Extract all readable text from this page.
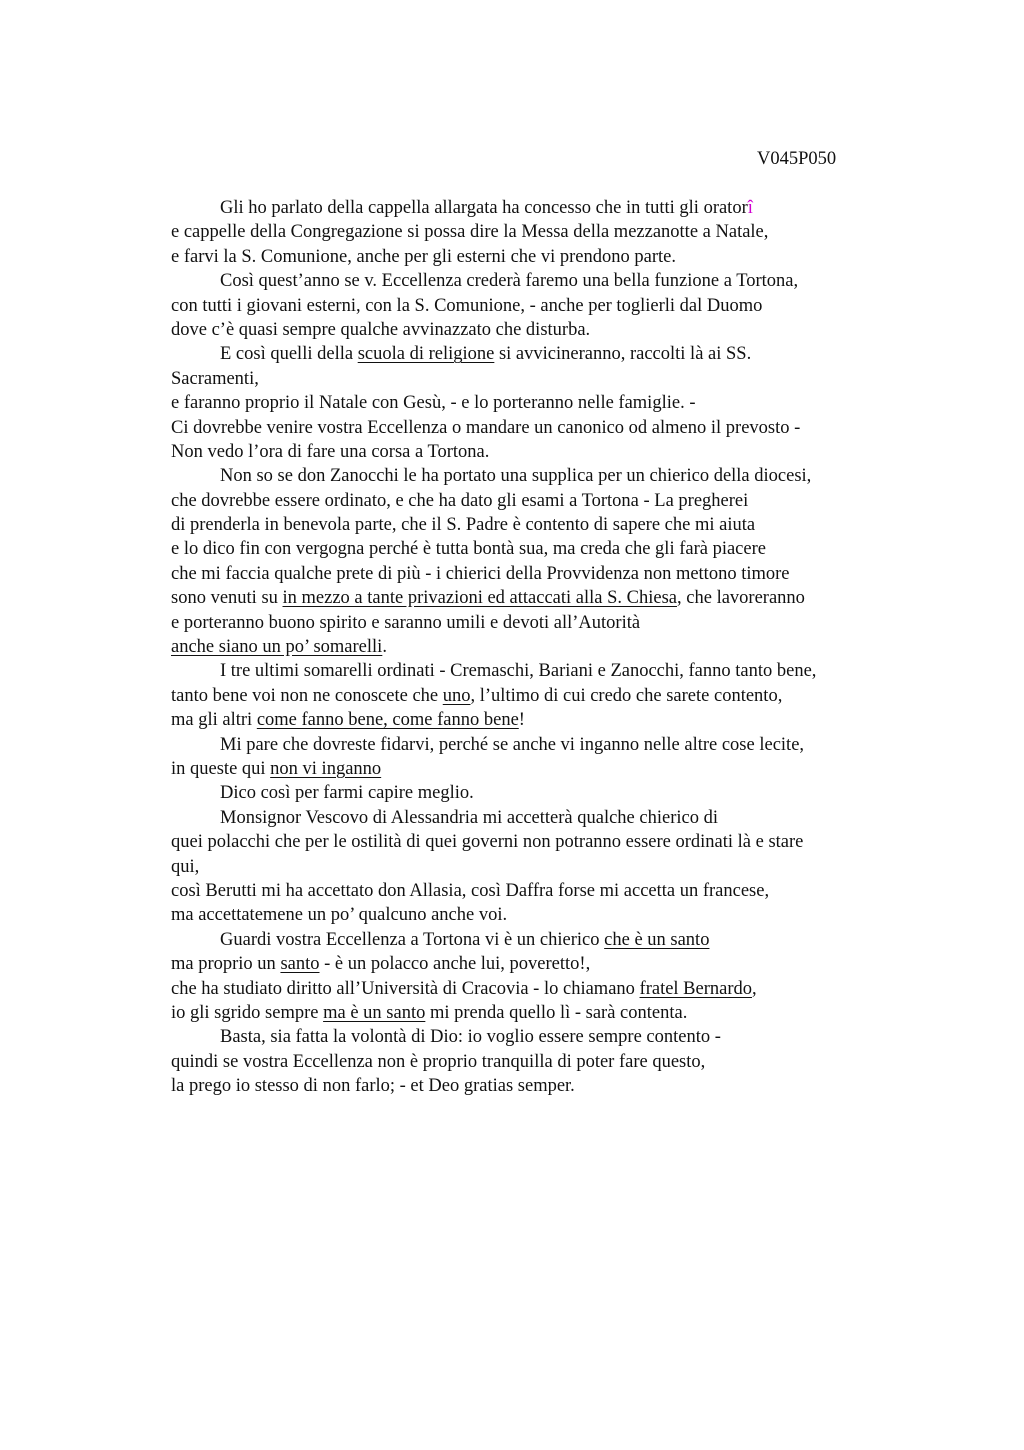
V045P050
Gli ho parlato della cappella allargata ha concesso che in tutti gli oratorî
e cappelle della Congregazione si possa dire la Messa della mezzanotte a Natale,
e farvi la S. Comunione, anche per gli esterni che vi prendono parte.
Così quest’anno se v. Eccellenza crederà faremo una bella funzione a Tortona,
con tutti i giovani esterni, con la S. Comunione, - anche per toglierli dal Duomo
dove c’è quasi sempre qualche avvinazzato che disturba.
E così quelli della scuola di religione si avvicineranno, raccolti là ai SS.
Sacramenti,
e faranno proprio il Natale con Gesù, - e lo porteranno nelle famiglie. -
Ci dovrebbe venire vostra Eccellenza o mandare un canonico od almeno il prevosto -
Non vedo l’ora di fare una corsa a Tortona.
Non so se don Zanocchi le ha portato una supplica per un chierico della diocesi,
che dovrebbe essere ordinato, e che ha dato gli esami a Tortona - La pregherei
di prenderla in benevola parte, che il S. Padre è contento di sapere che mi aiuta
e lo dico fin con vergogna perché è tutta bontà sua, ma creda che gli farà piacere
che mi faccia qualche prete di più - i chierici della Provvidenza non mettono timore
sono venuti su in mezzo a tante privazioni ed attaccati alla S. Chiesa, che lavoreranno
e porteranno buono spirito e saranno umili e devoti all’Autorità
anche siano un po’ somarelli.
I tre ultimi somarelli ordinati - Cremaschi, Bariani e Zanocchi, fanno tanto bene,
tanto bene voi non ne conoscete che uno, l’ultimo di cui credo che sarete contento,
ma gli altri come fanno bene, come fanno bene!
Mi pare che dovreste fidarvi, perché se anche vi inganno nelle altre cose lecite,
in queste qui non vi inganno
Dico così per farmi capire meglio.
Monsignor Vescovo di Alessandria mi accetterà qualche chierico di
quei polacchi che per le ostilità di quei governi non potranno essere ordinati là e stare
qui,
così Berutti mi ha accettato don Allasia, così Daffra forse mi accetta un francese,
ma accettatemene un po’ qualcuno anche voi.
Guardi vostra Eccellenza a Tortona vi è un chierico che è un santo
ma proprio un santo - è un polacco anche lui, poveretto!,
che ha studiato diritto all’Università di Cracovia - lo chiamano fratel Bernardo,
io gli sgrido sempre ma è un santo mi prenda quello lì - sarà contenta.
Basta, sia fatta la volontà di Dio: io voglio essere sempre contento -
quindi se vostra Eccellenza non è proprio tranquilla di poter fare questo,
la prego io stesso di non farlo; - et Deo gratias semper.
